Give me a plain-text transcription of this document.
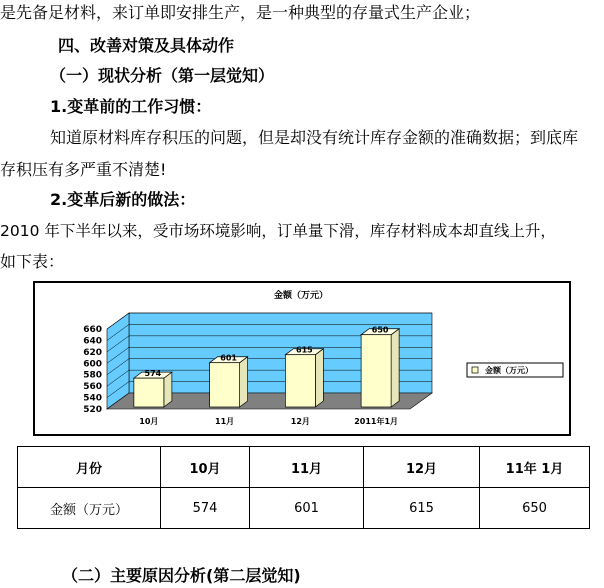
是先备足材料，来订单即安排生产，是一种典型的存量式生产企业；
四、改善对策及具体动作
（一）现状分析（第一层觉知）
1.变革前的工作习惯：
知道原材料库存积压的问题，但是却没有统计库存金额的准确数据；到底库
存积压有多严重不清楚!
2.变革后新的做法：
2010 年下半年以来，受市场环境影响，订单量下滑，库存材料成本却直线上升，
如下表：
520
540
560
580
600
620
640
660
金额（万元）
574
10月
601
11月
615
12月
650
2011年1月
金额（万元）
月份	10月	11月	12月	11年 1月
金额（万元）	574	601	615	650
（二）主要原因分析(第二层觉知)
